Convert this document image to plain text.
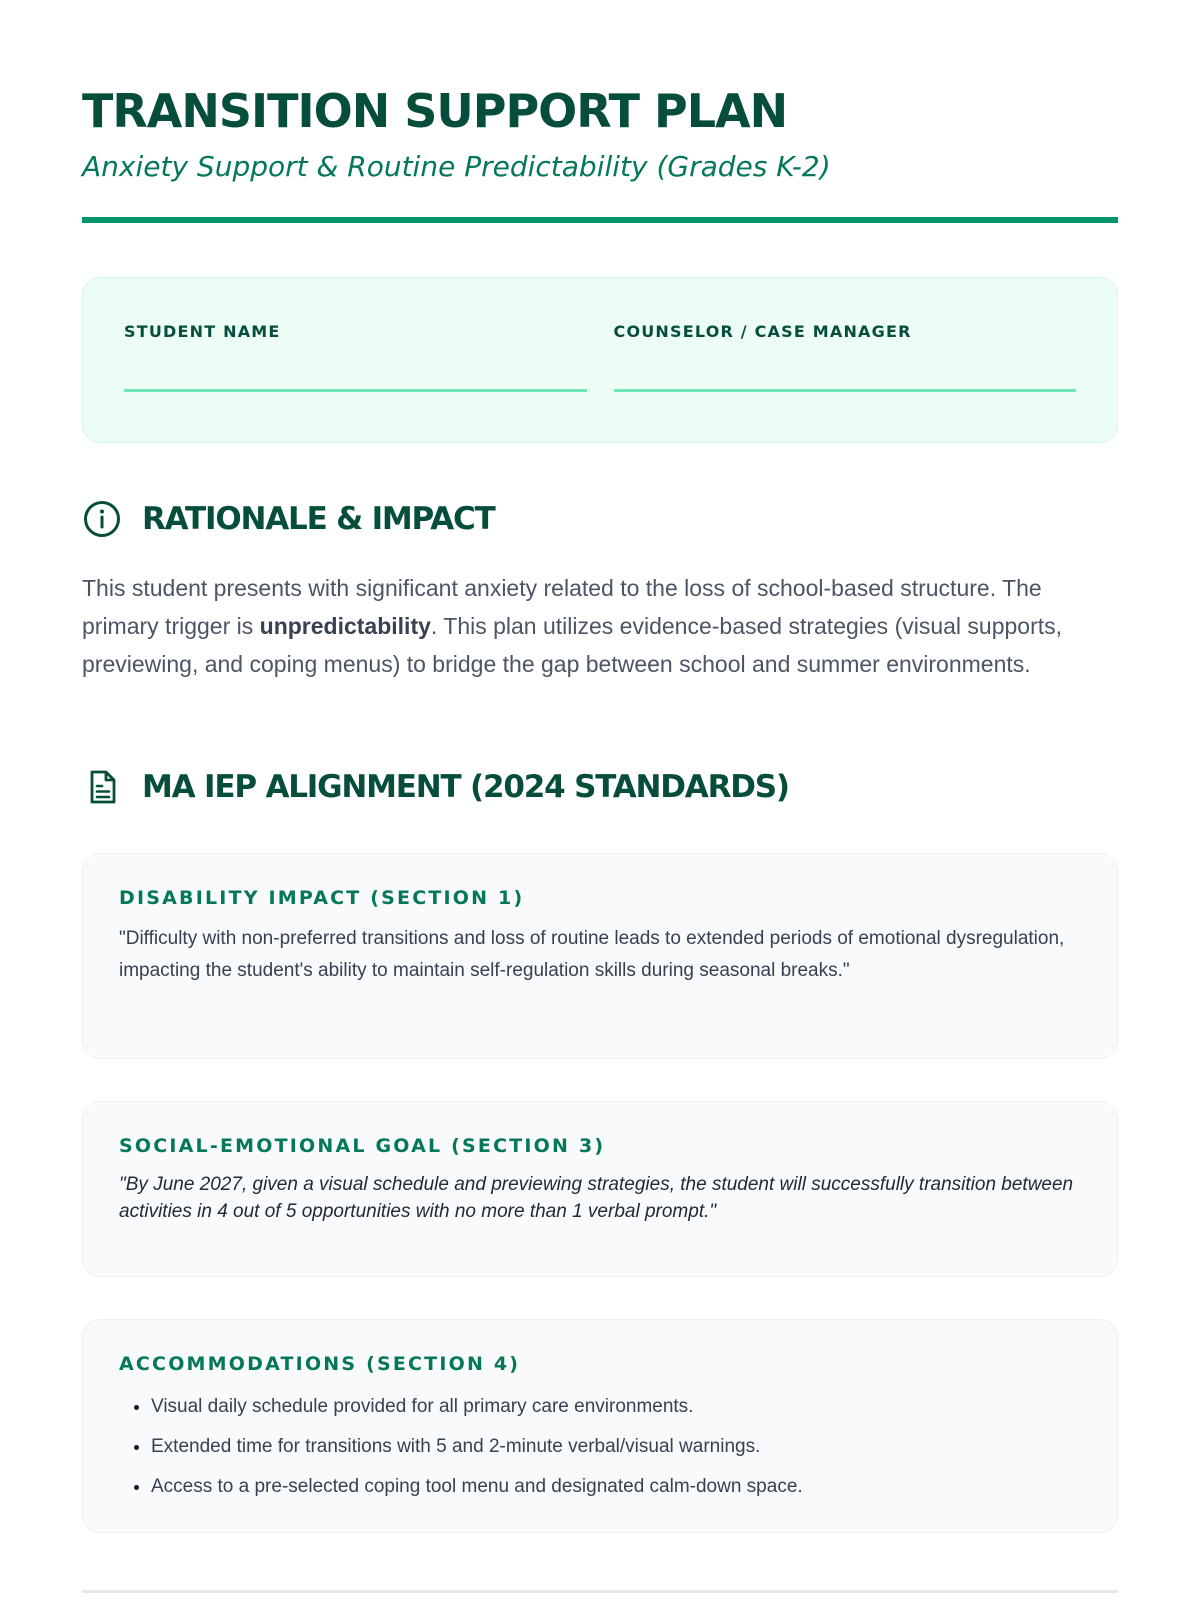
TRANSITION SUPPORT PLAN
Anxiety Support & Routine Predictability (Grades K-2)
STUDENT NAME	COUNSELOR / CASE MANAGER
RATIONALE & IMPACT

This student presents with significant anxiety related to the loss of school-based structure. The primary trigger is unpredictability. This plan utilizes evidence-based strategies (visual supports, previewing, and coping menus) to bridge the gap between school and summer environments.

MA IEP ALIGNMENT (2024 STANDARDS)
DISABILITY IMPACT (SECTION 1)
"Difficulty with non-preferred transitions and loss of routine leads to extended periods of emotional dysregulation, impacting the student's ability to maintain self-regulation skills during seasonal breaks."
SOCIAL-EMOTIONAL GOAL (SECTION 3)
"By June 2027, given a visual schedule and previewing strategies, the student will successfully transition between activities in 4 out of 5 opportunities with no more than 1 verbal prompt."
ACCOMMODATIONS (SECTION 4)
• Visual daily schedule provided for all primary care environments.
• Extended time for transitions with 5 and 2-minute verbal/visual warnings.
• Access to a pre-selected coping tool menu and designated calm-down space.
